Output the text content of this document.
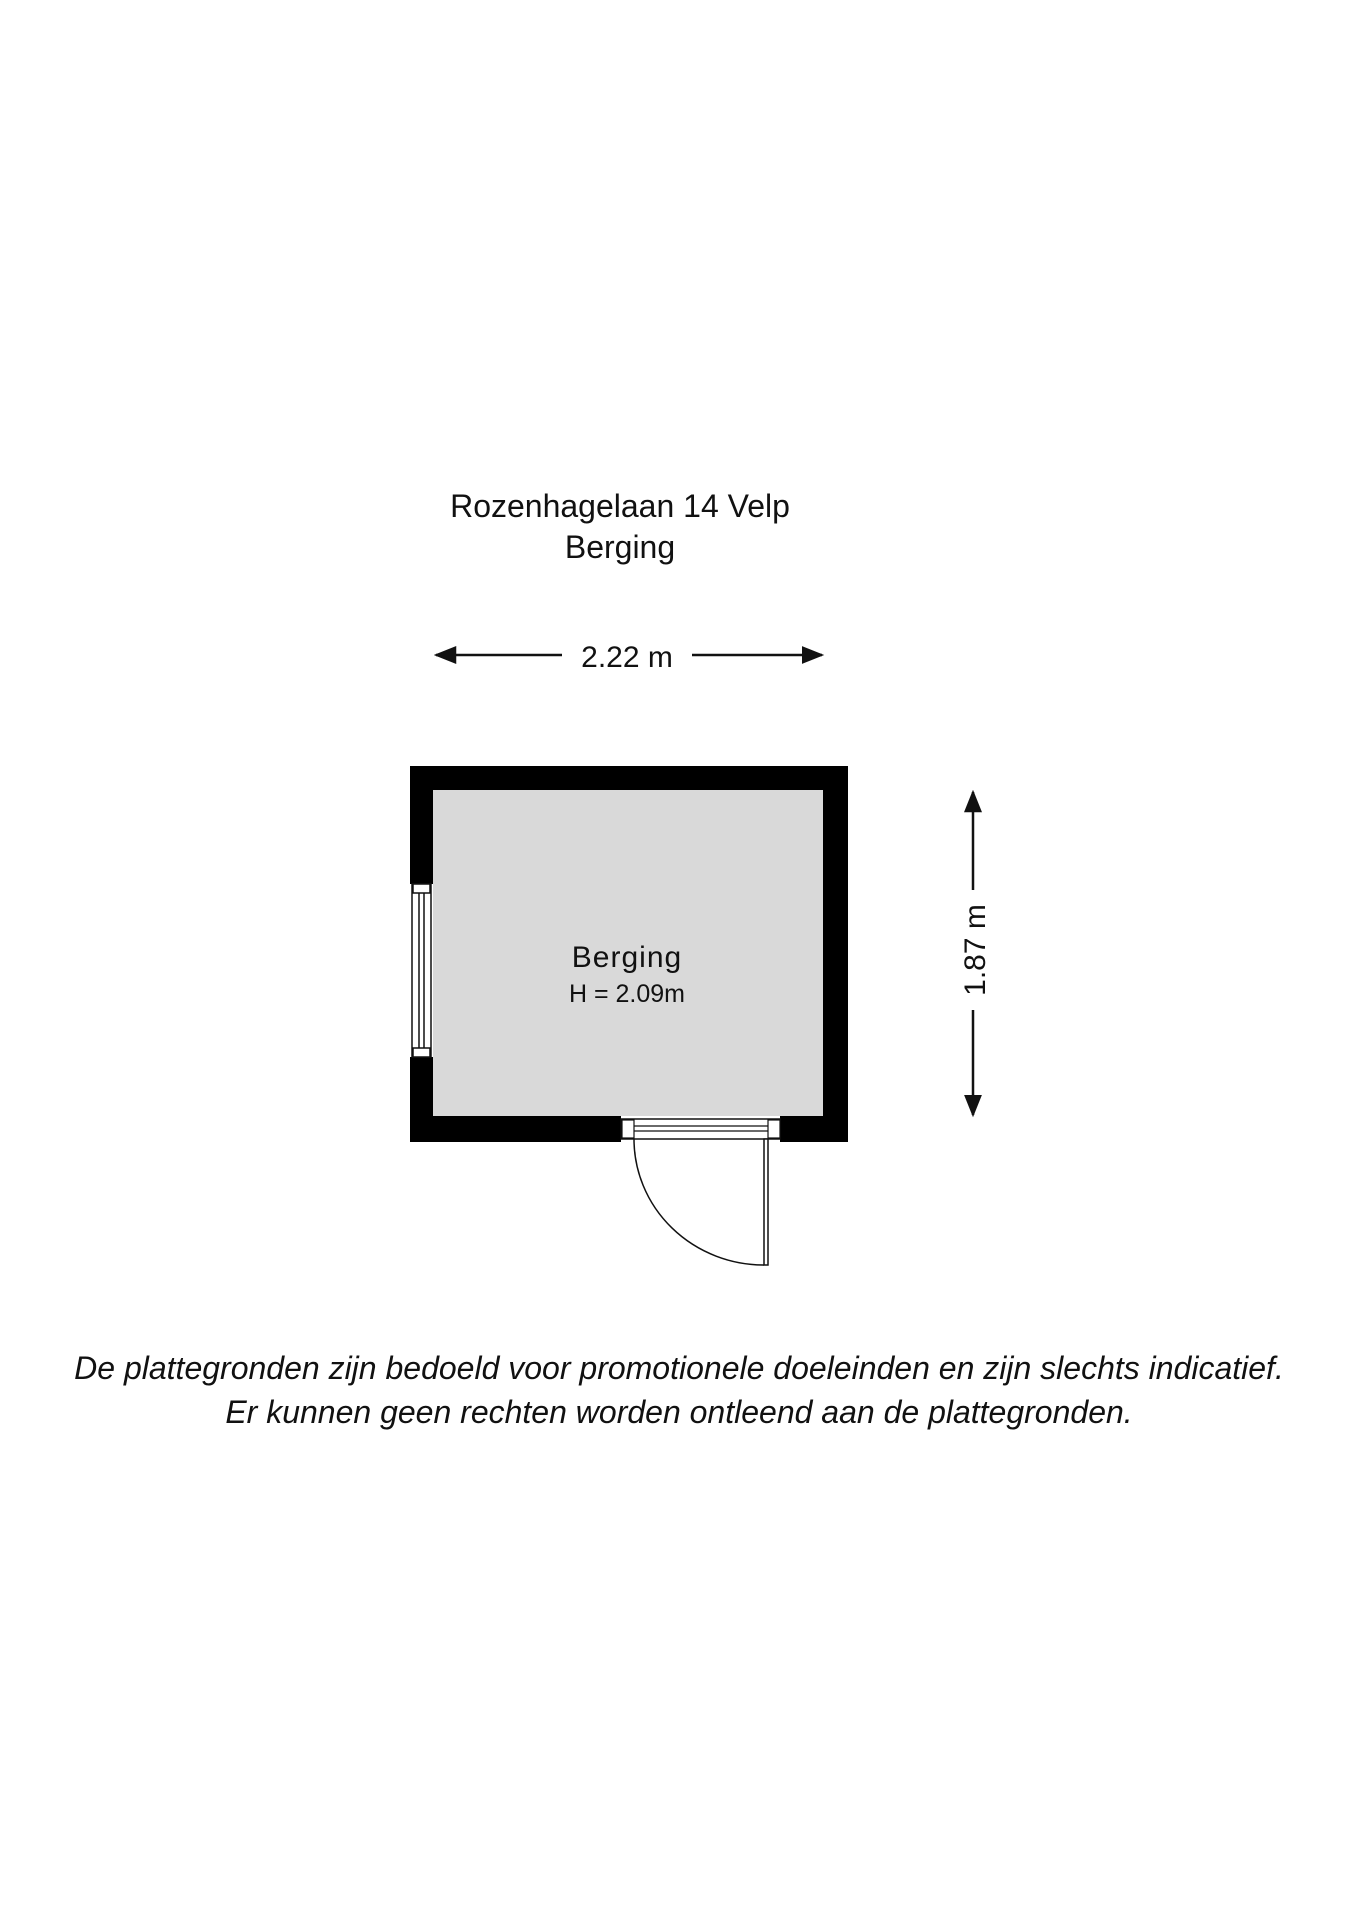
Rozenhagelaan 14 Velp
Berging
2.22 m
1.87 m
Berging
H = 2.09m
De plattegronden zijn bedoeld voor promotionele doeleinden en zijn slechts indicatief.
Er kunnen geen rechten worden ontleend aan de plattegronden.
